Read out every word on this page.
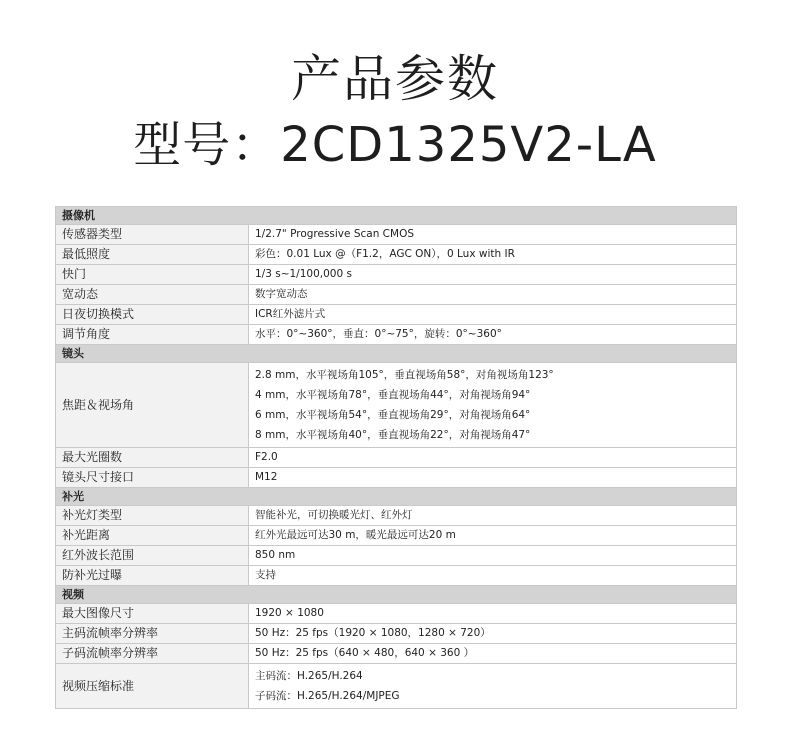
产品参数
型号：2CD1325V2-LA
摄像机	
传感器类型	1/2.7" Progressive Scan CMOS
最低照度	彩色：0.01 Lux @（F1.2，AGC ON），0 Lux with IR
快门	1/3 s~1/100,000 s
宽动态	数字宽动态
日夜切换模式	ICR红外滤片式
调节角度	水平：0°~360°，垂直：0°~75°，旋转：0°~360°
镜头	
焦距＆视场角	2.8 mm，水平视场角105°，垂直视场角58°，对角视场角123°
4 mm，水平视场角78°，垂直视场角44°，对角视场角94°
6 mm，水平视场角54°，垂直视场角29°，对角视场角64°
8 mm，水平视场角40°，垂直视场角22°，对角视场角47°

最大光圈数	F2.0
镜头尺寸接口	M12
补光	
补光灯类型	智能补光，可切换暖光灯、红外灯
补光距离	红外光最远可达30 m，暖光最远可达20 m
红外波长范围	850 nm
防补光过曝	支持
视频	
最大图像尺寸	1920 × 1080
主码流帧率分辨率	50 Hz：25 fps（1920 × 1080，1280 × 720）
子码流帧率分辨率	50 Hz：25 fps（640 × 480，640 × 360 ）
视频压缩标准	主码流：H.265/H.264
子码流：H.265/H.264/MJPEG
